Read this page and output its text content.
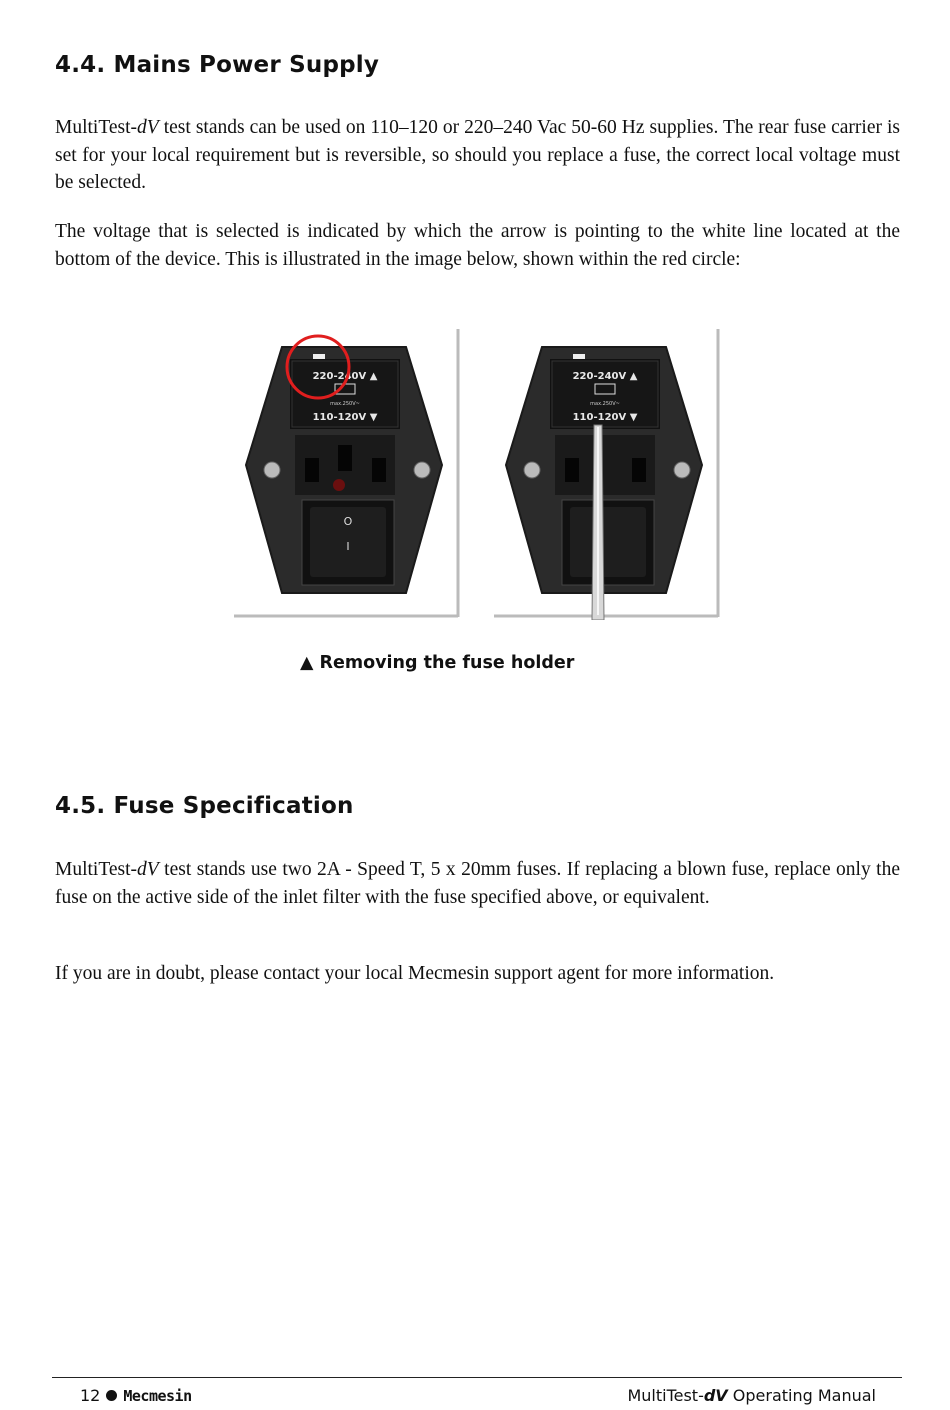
4.4. Mains Power Supply

MultiTest-dV test stands can be used on 110–120 or 220–240 Vac 50-60 Hz supplies. The rear fuse carrier is set for your local requirement but is reversible, so should you replace a fuse, the correct local voltage must be selected.

The voltage that is selected is indicated by which the arrow is pointing to the white line located at the bottom of the device. This is illustrated in the image below, shown within the red circle:

220-240V ▲
max.250V~
110-120V ▼
O
I
220-240V ▲
max.250V~
110-120V ▼
▲ Removing the fuse holder
4.5. Fuse Specification

MultiTest-dV test stands use two 2A - Speed T, 5 x 20mm fuses. If replacing a blown fuse, replace only the fuse on the active side of the inlet filter with the fuse specified above, or equivalent.

If you are in doubt, please contact your local Mecmesin support agent for more information.

12 Mecmesin	MultiTest-dV Operating Manual
